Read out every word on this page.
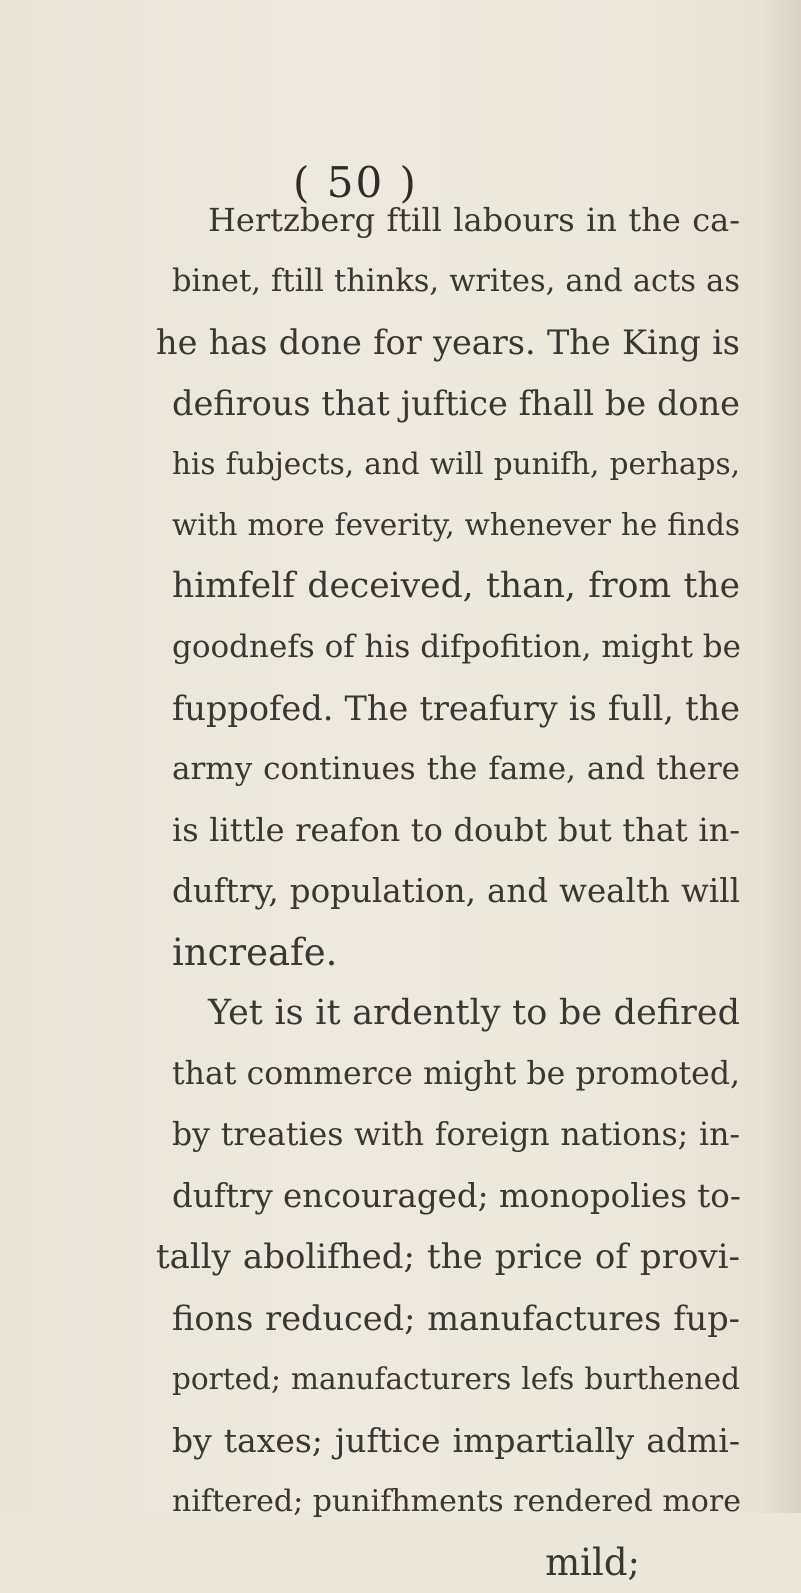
( 50 )
Hertzberg ftill labours in the ca-
binet, ftill thinks, writes, and acts as
he has done for years. The King is
defirous that juftice fhall be done
his fubjects, and will punifh, perhaps,
with more feverity, whenever he finds
himfelf deceived, than, from the
goodnefs of his difpofition, might be
fuppofed. The treafury is full, the
army continues the fame, and there
is little reafon to doubt but that in-
duftry, population, and wealth will
increafe.
Yet is it ardently to be defired
that commerce might be promoted,
by treaties with foreign nations; in-
duftry encouraged; monopolies to-
tally abolifhed; the price of provi-
fions reduced; manufactures fup-
ported; manufacturers lefs burthened
by taxes; juftice impartially admi-
niftered; punifhments rendered more
mild;
